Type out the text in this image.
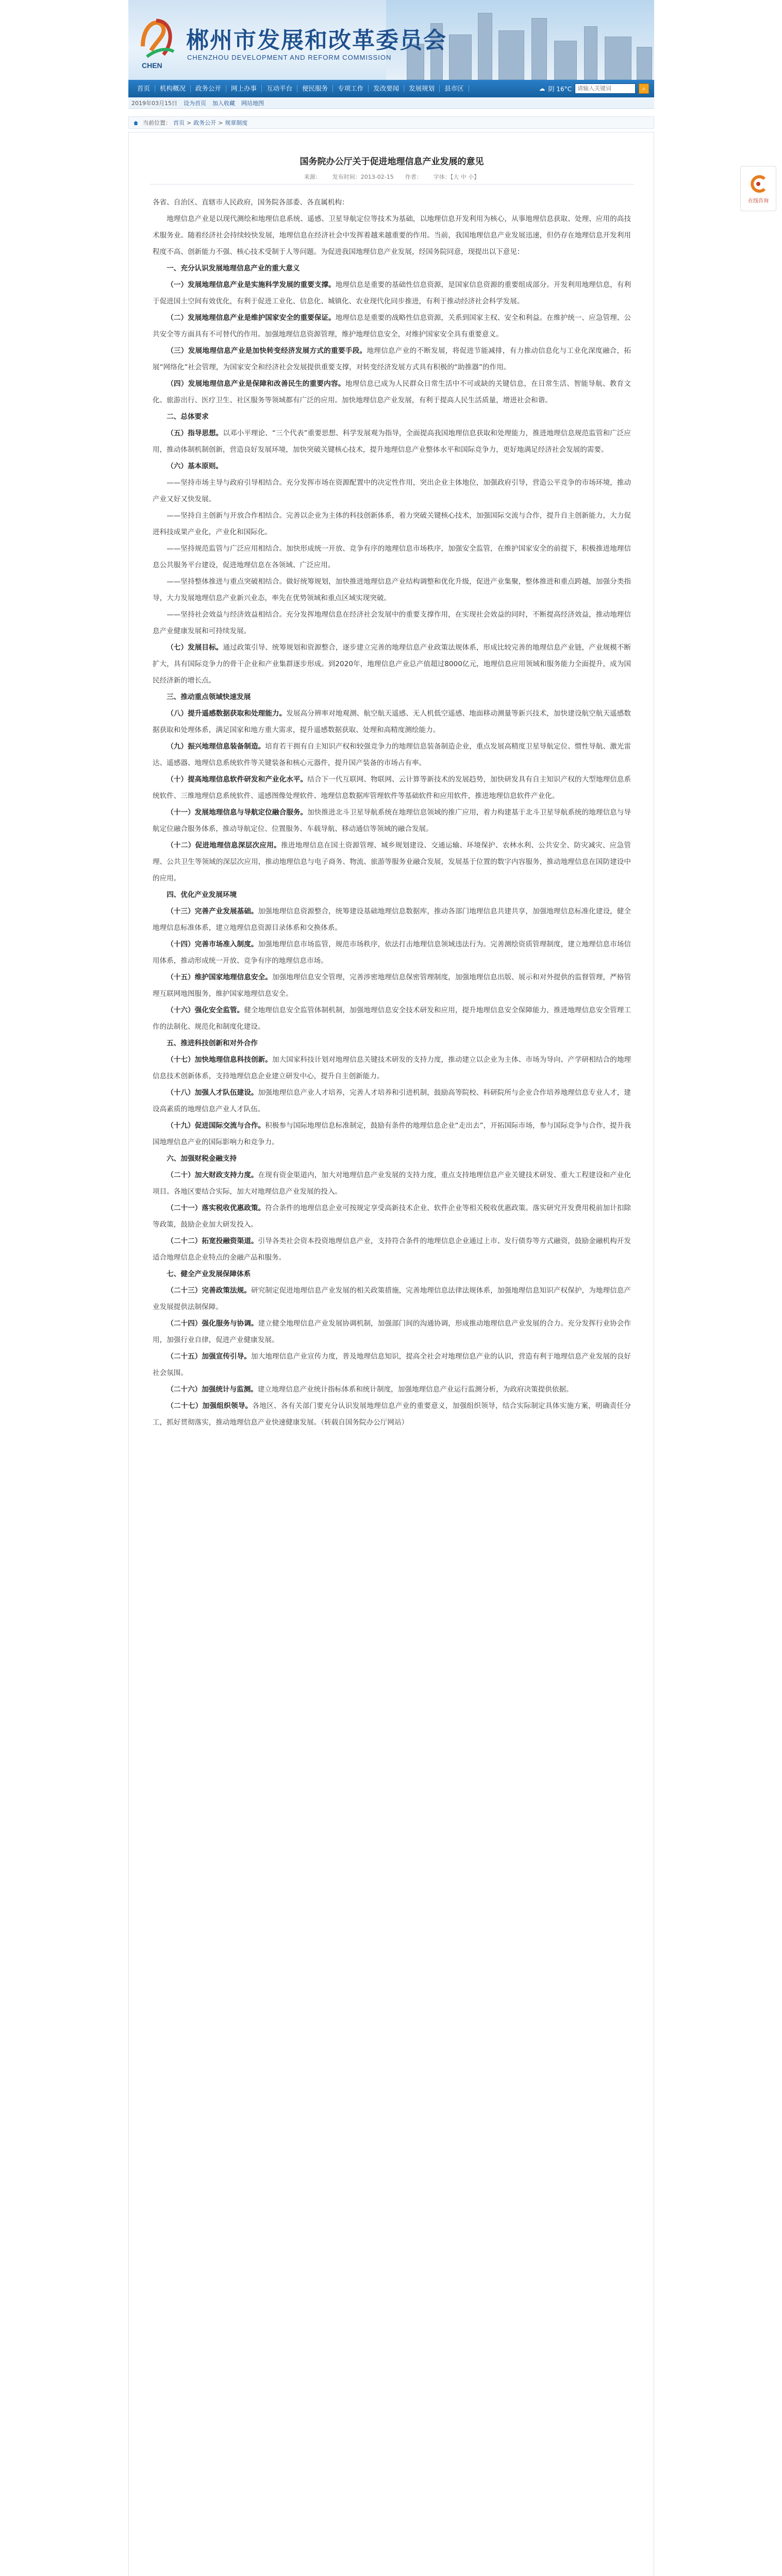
CHEN
郴州市发展和改革委员会
CHENZHOU DEVELOPMENT AND REFORM COMMISSION
首页	机构概况	政务公开	网上办事	互动平台	便民服务	专项工作	发改要闻	发展规划	县市区	☁ 阴 16°C
请输入关键词	⌕
2019年03月15日 设为首页 加入收藏 网站地图
当前位置： 首页 > 政务公开 > 规章制度
国务院办公厅关于促进地理信息产业发展的意见
来源： 发布时间：2013-02-15 作者： 字体：【大 中 小】

各省、自治区、直辖市人民政府，国务院各部委、各直属机构：

地理信息产业是以现代测绘和地理信息系统、遥感、卫星导航定位等技术为基础，以地理信息开发利用为核心，从事地理信息获取、处理、应用的高技术服务业。随着经济社会持续较快发展，地理信息在经济社会中发挥着越来越重要的作用。当前，我国地理信息产业发展迅速，但仍存在地理信息开发利用程度不高、创新能力不强、核心技术受制于人等问题。为促进我国地理信息产业发展，经国务院同意，现提出以下意见：

一、充分认识发展地理信息产业的重大意义

（一）发展地理信息产业是实施科学发展的重要支撑。地理信息是重要的基础性信息资源，是国家信息资源的重要组成部分。开发利用地理信息，有利于促进国土空间有效优化，有利于促进工业化、信息化、城镇化、农业现代化同步推进，有利于推动经济社会科学发展。

（二）发展地理信息产业是维护国家安全的重要保证。地理信息是重要的战略性信息资源，关系到国家主权、安全和利益。在维护统一、应急管理、公共安全等方面具有不可替代的作用。加强地理信息资源管理，维护地理信息安全，对维护国家安全具有重要意义。

（三）发展地理信息产业是加快转变经济发展方式的重要手段。地理信息产业的不断发展，将促进节能减排，有力推动信息化与工业化深度融合，拓展“网络化”社会管理，为国家安全和经济社会发展提供重要支撑，对转变经济发展方式具有积极的“助推器”的作用。

（四）发展地理信息产业是保障和改善民生的重要内容。地理信息已成为人民群众日常生活中不可或缺的关键信息，在日常生活、智能导航、教育文化、旅游出行、医疗卫生、社区服务等领域都有广泛的应用。加快地理信息产业发展，有利于提高人民生活质量，增进社会和谐。

二、总体要求

（五）指导思想。以邓小平理论、“三个代表”重要思想、科学发展观为指导，全面提高我国地理信息获取和处理能力，推进地理信息规范监管和广泛应用，推动体制机制创新，营造良好发展环境，加快突破关键核心技术，提升地理信息产业整体水平和国际竞争力，更好地满足经济社会发展的需要。

（六）基本原则。

——坚持市场主导与政府引导相结合。充分发挥市场在资源配置中的决定性作用，突出企业主体地位，加强政府引导，营造公平竞争的市场环境，推动产业又好又快发展。

——坚持自主创新与开放合作相结合。完善以企业为主体的科技创新体系，着力突破关键核心技术，加强国际交流与合作，提升自主创新能力，大力促进科技成果产业化，产业化和国际化。

——坚持规范监管与广泛应用相结合。加快形成统一开放、竞争有序的地理信息市场秩序，加强安全监管，在维护国家安全的前提下，积极推进地理信息公共服务平台建设，促进地理信息在各领域、广泛应用。

——坚持整体推进与重点突破相结合。做好统筹规划，加快推进地理信息产业结构调整和优化升级，促进产业集聚，整体推进和重点跨越，加强分类指导，大力发展地理信息产业新兴业态，率先在优势领域和重点区域实现突破。

——坚持社会效益与经济效益相结合。充分发挥地理信息在经济社会发展中的重要支撑作用，在实现社会效益的同时，不断提高经济效益，推动地理信息产业健康发展和可持续发展。

（七）发展目标。通过政策引导、统筹规划和资源整合，逐步建立完善的地理信息产业政策法规体系，形成比较完善的地理信息产业链，产业规模不断扩大，具有国际竞争力的骨干企业和产业集群逐步形成。到2020年，地理信息产业总产值超过8000亿元，地理信息应用领域和服务能力全面提升，成为国民经济新的增长点。

三、推动重点领域快速发展

（八）提升遥感数据获取和处理能力。发展高分辨率对地观测、航空航天遥感、无人机低空遥感、地面移动测量等新兴技术，加快建设航空航天遥感数据获取和处理体系，满足国家和地方重大需求，提升遥感数据获取、处理和高精度测绘能力。

（九）振兴地理信息装备制造。培育若干拥有自主知识产权和较强竞争力的地理信息装备制造企业，重点发展高精度卫星导航定位、惯性导航、激光雷达、遥感器、地理信息系统软件等关键装备和核心元器件，提升国产装备的市场占有率。

（十）提高地理信息软件研发和产业化水平。结合下一代互联网、物联网、云计算等新技术的发展趋势，加快研发具有自主知识产权的大型地理信息系统软件、三维地理信息系统软件、遥感图像处理软件、地理信息数据库管理软件等基础软件和应用软件，推进地理信息软件产业化。

（十一）发展地理信息与导航定位融合服务。加快推进北斗卫星导航系统在地理信息领域的推广应用，着力构建基于北斗卫星导航系统的地理信息与导航定位融合服务体系，推动导航定位、位置服务、车载导航、移动通信等领域的融合发展。

（十二）促进地理信息深层次应用。推进地理信息在国土资源管理、城乡规划建设、交通运输、环境保护、农林水利、公共安全、防灾减灾、应急管理、公共卫生等领域的深层次应用，推动地理信息与电子商务、物流、旅游等服务业融合发展，发展基于位置的数字内容服务，推动地理信息在国防建设中的应用。

四、优化产业发展环境

（十三）完善产业发展基础。加强地理信息资源整合，统筹建设基础地理信息数据库，推动各部门地理信息共建共享，加强地理信息标准化建设，健全地理信息标准体系，建立地理信息资源目录体系和交换体系。

（十四）完善市场准入制度。加强地理信息市场监管，规范市场秩序，依法打击地理信息领域违法行为。完善测绘资质管理制度，建立地理信息市场信用体系，推动形成统一开放、竞争有序的地理信息市场。

（十五）维护国家地理信息安全。加强地理信息安全管理，完善涉密地理信息保密管理制度，加强地理信息出版、展示和对外提供的监督管理，严格管理互联网地图服务，维护国家地理信息安全。

（十六）强化安全监管。健全地理信息安全监管体制机制，加强地理信息安全技术研发和应用，提升地理信息安全保障能力，推进地理信息安全管理工作的法制化、规范化和制度化建设。

五、推进科技创新和对外合作

（十七）加快地理信息科技创新。加大国家科技计划对地理信息关键技术研发的支持力度，推动建立以企业为主体、市场为导向、产学研相结合的地理信息技术创新体系，支持地理信息企业建立研发中心，提升自主创新能力。

（十八）加强人才队伍建设。加强地理信息产业人才培养，完善人才培养和引进机制，鼓励高等院校、科研院所与企业合作培养地理信息专业人才，建设高素质的地理信息产业人才队伍。

（十九）促进国际交流与合作。积极参与国际地理信息标准制定，鼓励有条件的地理信息企业“走出去”，开拓国际市场，参与国际竞争与合作，提升我国地理信息产业的国际影响力和竞争力。

六、加强财税金融支持

（二十）加大财政支持力度。在现有资金渠道内，加大对地理信息产业发展的支持力度，重点支持地理信息产业关键技术研发、重大工程建设和产业化项目。各地区要结合实际，加大对地理信息产业发展的投入。

（二十一）落实税收优惠政策。符合条件的地理信息企业可按规定享受高新技术企业、软件企业等相关税收优惠政策。落实研究开发费用税前加计扣除等政策，鼓励企业加大研发投入。

（二十二）拓宽投融资渠道。引导各类社会资本投资地理信息产业，支持符合条件的地理信息企业通过上市、发行债券等方式融资，鼓励金融机构开发适合地理信息企业特点的金融产品和服务。

七、健全产业发展保障体系

（二十三）完善政策法规。研究制定促进地理信息产业发展的相关政策措施，完善地理信息法律法规体系，加强地理信息知识产权保护，为地理信息产业发展提供法制保障。

（二十四）强化服务与协调。建立健全地理信息产业发展协调机制，加强部门间的沟通协调，形成推动地理信息产业发展的合力。充分发挥行业协会作用，加强行业自律，促进产业健康发展。

（二十五）加强宣传引导。加大地理信息产业宣传力度，普及地理信息知识，提高全社会对地理信息产业的认识，营造有利于地理信息产业发展的良好社会氛围。

（二十六）加强统计与监测。建立地理信息产业统计指标体系和统计制度，加强地理信息产业运行监测分析，为政府决策提供依据。

（二十七）加强组织领导。各地区、各有关部门要充分认识发展地理信息产业的重要意义，加强组织领导，结合实际制定具体实施方案，明确责任分工，抓好贯彻落实，推动地理信息产业快速健康发展。（转载自国务院办公厅网站）

在线咨询
